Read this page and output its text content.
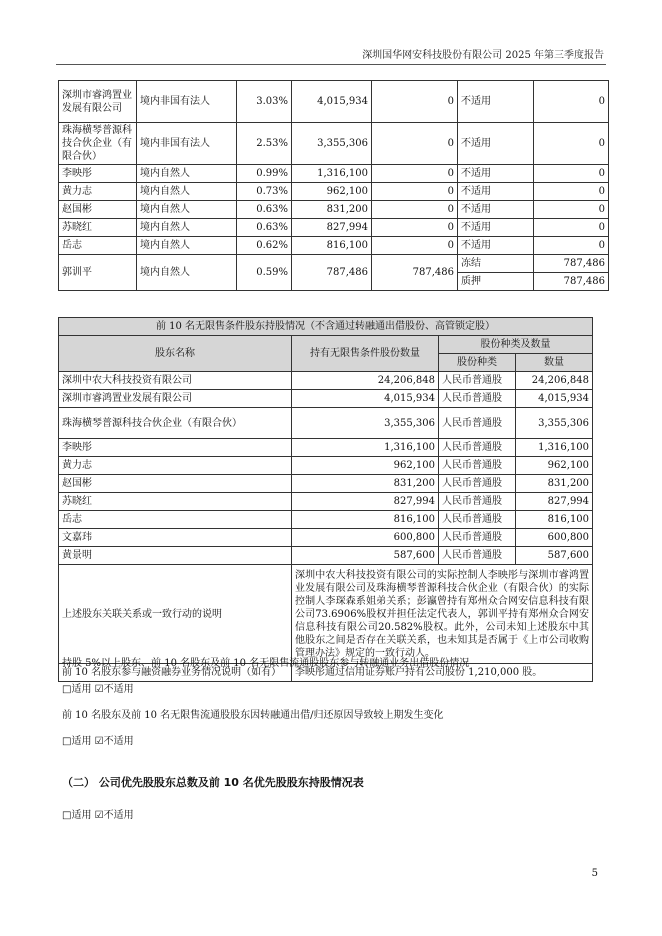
深圳国华网安科技股份有限公司 2025 年第三季度报告
深圳市睿鸿置业发展有限公司	境内非国有法人	3.03%	4,015,934	0	不适用	0
珠海横琴普源科技合伙企业（有限合伙）	境内非国有法人	2.53%	3,355,306	0	不适用	0
李映彤	境内自然人	0.99%	1,316,100	0	不适用	0
黄力志	境内自然人	0.73%	962,100	0	不适用	0
赵国彬	境内自然人	0.63%	831,200	0	不适用	0
苏晓红	境内自然人	0.63%	827,994	0	不适用	0
岳志	境内自然人	0.62%	816,100	0	不适用	0
郭训平	境内自然人	0.59%	787,486	787,486	冻结	787,486
					质押	787,486
前 10 名无限售条件股东持股情况（不含通过转融通出借股份、高管锁定股）			
股东名称	持有无限售条件股份数量	股份种类及数量	
		股份种类	数量
深圳中农大科技投资有限公司	24,206,848	人民币普通股	24,206,848
深圳市睿鸿置业发展有限公司	4,015,934	人民币普通股	4,015,934
珠海横琴普源科技合伙企业（有限合伙）	3,355,306	人民币普通股	3,355,306
李映彤	1,316,100	人民币普通股	1,316,100
黄力志	962,100	人民币普通股	962,100
赵国彬	831,200	人民币普通股	831,200
苏晓红	827,994	人民币普通股	827,994
岳志	816,100	人民币普通股	816,100
文嘉玮	600,800	人民币普通股	600,800
黄景明	587,600	人民币普通股	587,600
上述股东关联关系或一致行动的说明	深圳中农大科技投资有限公司的实际控制人李映彤与深圳市睿鸿置业发展有限公司及珠海横琴普源科技合伙企业（有限合伙）的实际控制人李琛森系姐弟关系；彭瀛曾持有郑州众合网安信息科技有限公司73.6906%股权并担任法定代表人，郭训平持有郑州众合网安信息科技有限公司20.582%股权。此外，公司未知上述股东中其他股东之间是否存在关联关系，也未知其是否属于《上市公司收购管理办法》规定的一致行动人。		
前 10 名股东参与融资融券业务情况说明（如有）	李映彤通过信用证券账户持有公司股份 1,210,000 股。		
持股 5%以上股东、前 10 名股东及前 10 名无限售流通股股东参与转融通业务出借股份情况
□适用 ☑不适用
前 10 名股东及前 10 名无限售流通股股东因转融通出借/归还原因导致较上期发生变化
□适用 ☑不适用
（二） 公司优先股股东总数及前 10 名优先股股东持股情况表
□适用 ☑不适用
5
